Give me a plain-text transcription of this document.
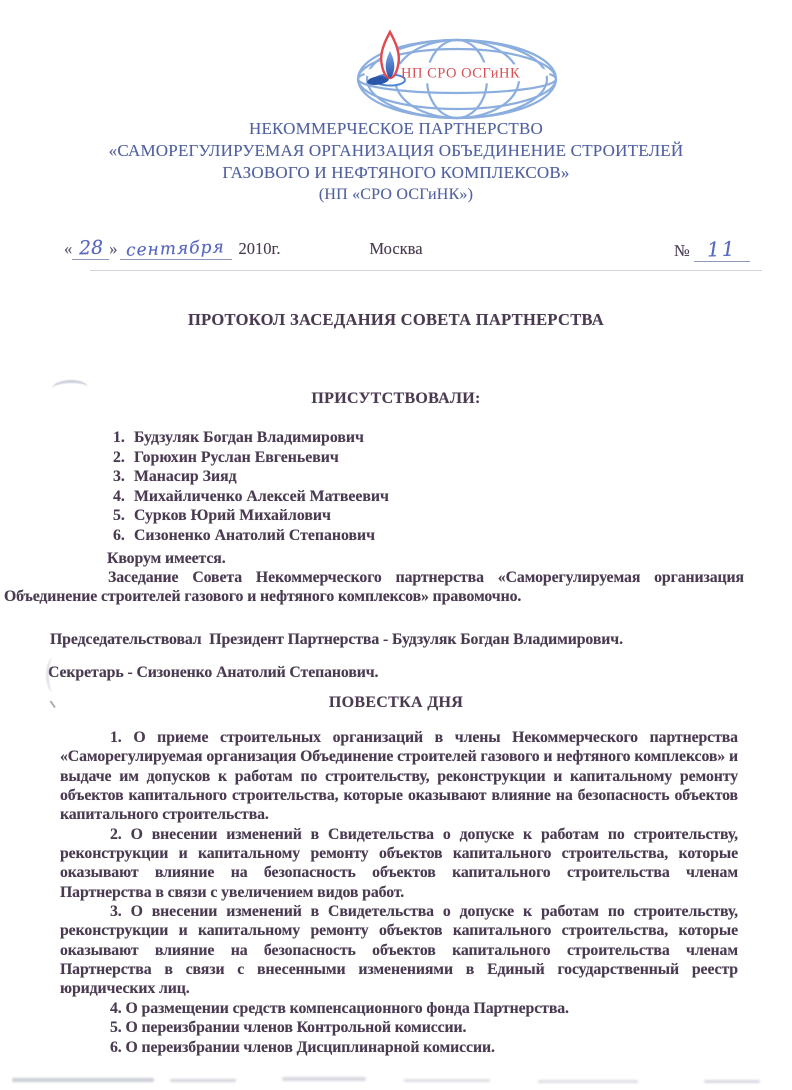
НП СРО ОСГиНК
НЕКОММЕРЧЕСКОЕ ПАРТНЕРСТВО
«САМОРЕГУЛИРУЕМАЯ ОРГАНИЗАЦИЯ ОБЪЕДИНЕНИЕ СТРОИТЕЛЕЙ
ГАЗОВОГО И НЕФТЯНОГО КОМПЛЕКСОВ»
(НП «СРО ОСГиНК»)
« 28 » сентября 2010г.	Москва	№ 11
ПРОТОКОЛ ЗАСЕДАНИЯ СОВЕТА ПАРТНЕРСТВА
ПРИСУТСТВОВАЛИ:
1. Будзуляк Богдан Владимирович
2. Горюхин Руслан Евгеньевич
3. Манасир Зияд
4. Михайличенко Алексей Матвеевич
5. Сурков Юрий Михайлович
6. Сизоненко Анатолий Степанович
Кворум имеется.
Заседание Совета Некоммерческого партнерства «Саморегулируемая организация Объединение строителей газового и нефтяного комплексов» правомочно.
Председательствовал  Президент Партнерства - Будзуляк Богдан Владимирович.
Секретарь - Сизоненко Анатолий Степанович.
ПОВЕСТКА ДНЯ

1. О приеме строительных организаций в члены Некоммерческого партнерства «Саморегулируемая организация Объединение строителей газового и нефтяного комплексов» и выдаче им допусков к работам по строительству, реконструкции и капитальному ремонту объектов капитального строительства, которые оказывают влияние на безопасность объектов капитального строительства.

2. О внесении изменений в Свидетельства о допуске к работам по строительству, реконструкции и капитальному ремонту объектов капитального строительства, которые оказывают влияние на безопасность объектов капитального строительства членам Партнерства в связи с увеличением видов работ.

3. О внесении изменений в Свидетельства о допуске к работам по строительству, реконструкции и капитальному ремонту объектов капитального строительства, которые оказывают влияние на безопасность объектов капитального строительства членам Партнерства в связи с внесенными изменениями в Единый государственный реестр юридических лиц.

4. О размещении средств компенсационного фонда Партнерства.

5. О переизбрании членов Контрольной комиссии.

6. О переизбрании членов Дисциплинарной комиссии.
